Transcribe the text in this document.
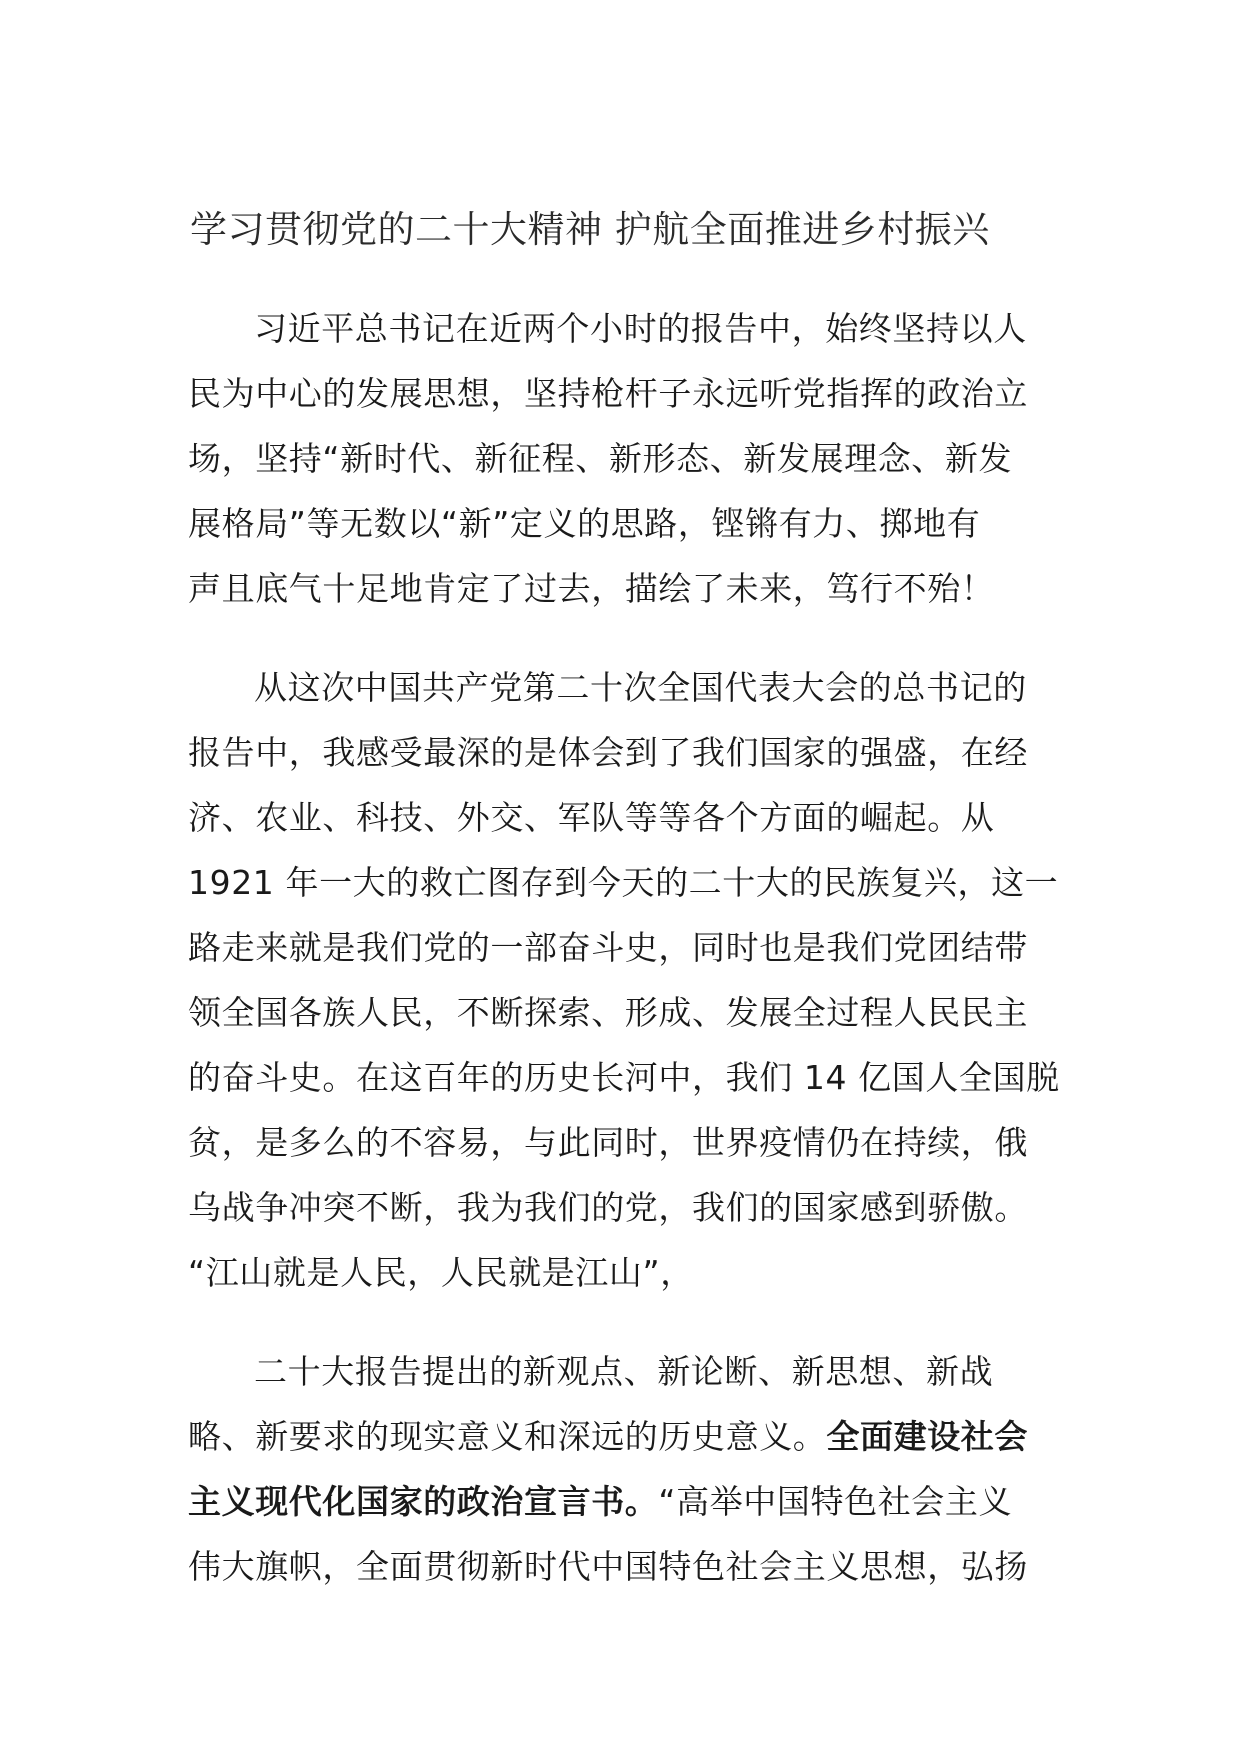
学习贯彻党的二十大精神 护航全面推进乡村振兴
习近平总书记在近两个小时的报告中，始终坚持以人
民为中心的发展思想，坚持枪杆子永远听党指挥的政治立
场，坚持“新时代、新征程、新形态、新发展理念、新发
展格局”等无数以“新”定义的思路，铿锵有力、掷地有
声且底气十足地肯定了过去，描绘了未来，笃行不殆！
从这次中国共产党第二十次全国代表大会的总书记的
报告中，我感受最深的是体会到了我们国家的强盛，在经
济、农业、科技、外交、军队等等各个方面的崛起。从
1921 年一大的救亡图存到今天的二十大的民族复兴，这一
路走来就是我们党的一部奋斗史，同时也是我们党团结带
领全国各族人民，不断探索、形成、发展全过程人民民主
的奋斗史。在这百年的历史长河中，我们 14 亿国人全国脱
贫，是多么的不容易，与此同时，世界疫情仍在持续，俄
乌战争冲突不断，我为我们的党，我们的国家感到骄傲。
“江山就是人民，人民就是江山”，
二十大报告提出的新观点、新论断、新思想、新战
略、新要求的现实意义和深远的历史意义。全面建设社会
主义现代化国家的政治宣言书。“高举中国特色社会主义
伟大旗帜，全面贯彻新时代中国特色社会主义思想，弘扬
